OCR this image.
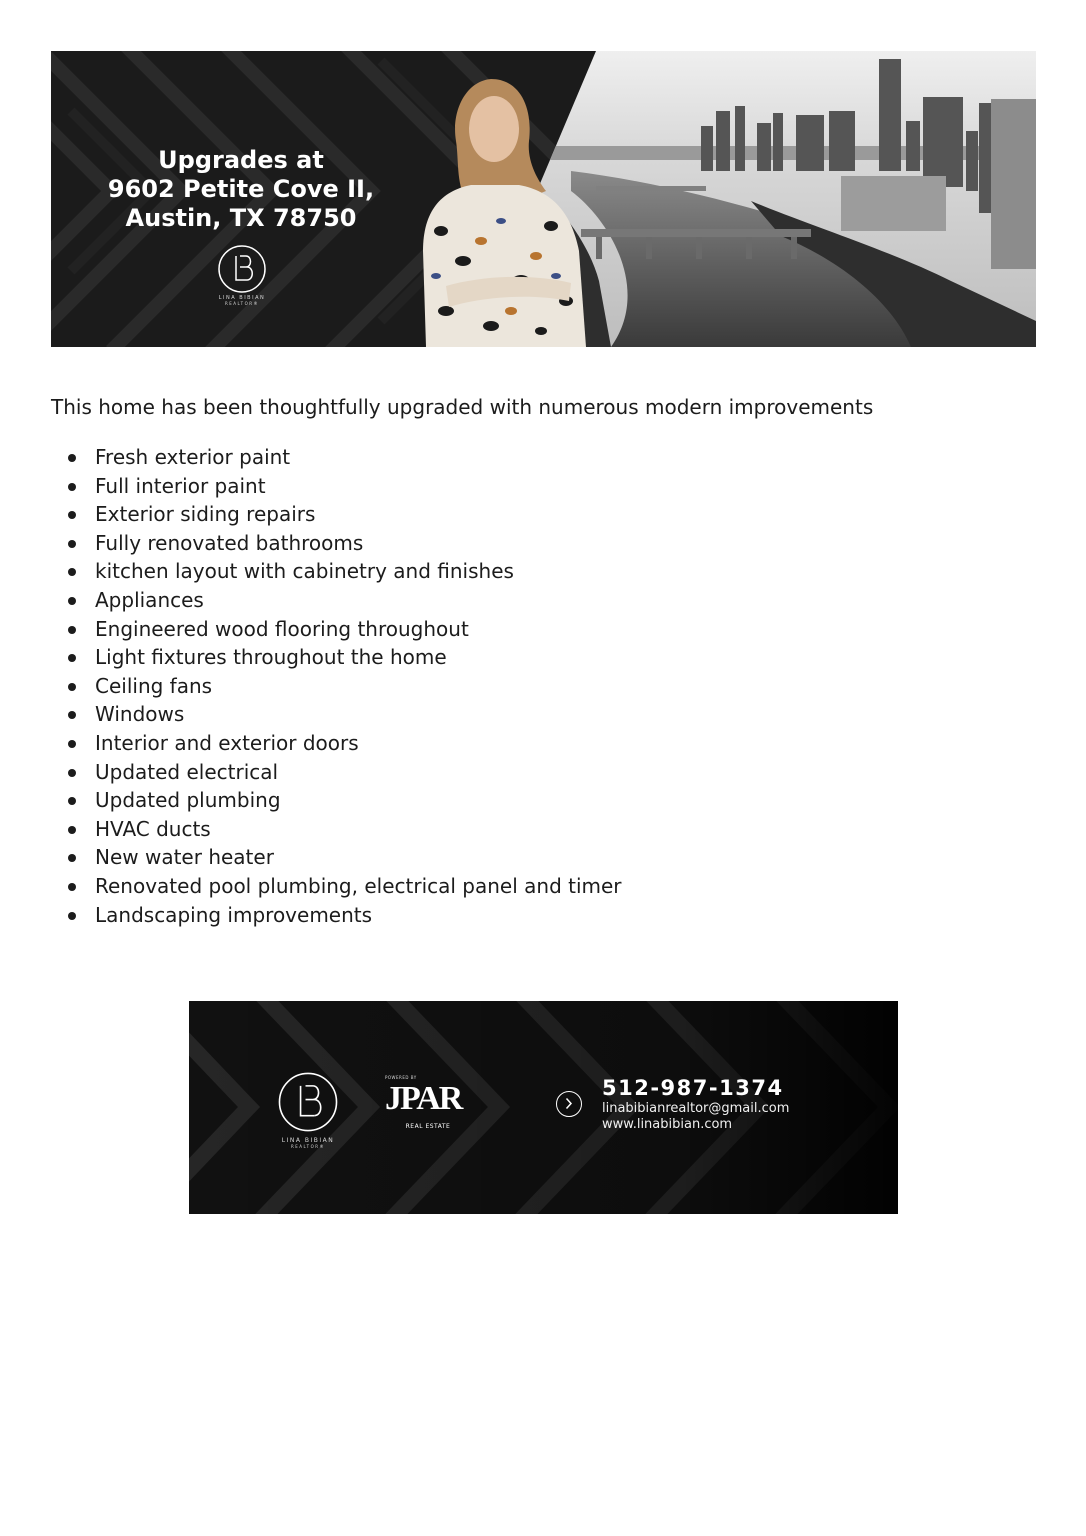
Upgrades at
9602 Petite Cove II,
Austin, TX 78750
LINA BIBIAN
REALTOR®
This home has been thoughtfully upgraded with numerous modern improvements
Fresh exterior paint
Full interior paint
Exterior siding repairs
Fully renovated bathrooms
kitchen layout with cabinetry and finishes
Appliances
Engineered wood flooring throughout
Light fixtures throughout the home
Ceiling fans
Windows
Interior and exterior doors
Updated electrical
Updated plumbing
HVAC ducts
New water heater
Renovated pool plumbing, electrical panel and timer
Landscaping improvements
LINA BIBIAN
REALTOR®
POWERED BY
JPAR
REAL ESTATE
512-987-1374
linabibianrealtor@gmail.com
www.linabibian.com
